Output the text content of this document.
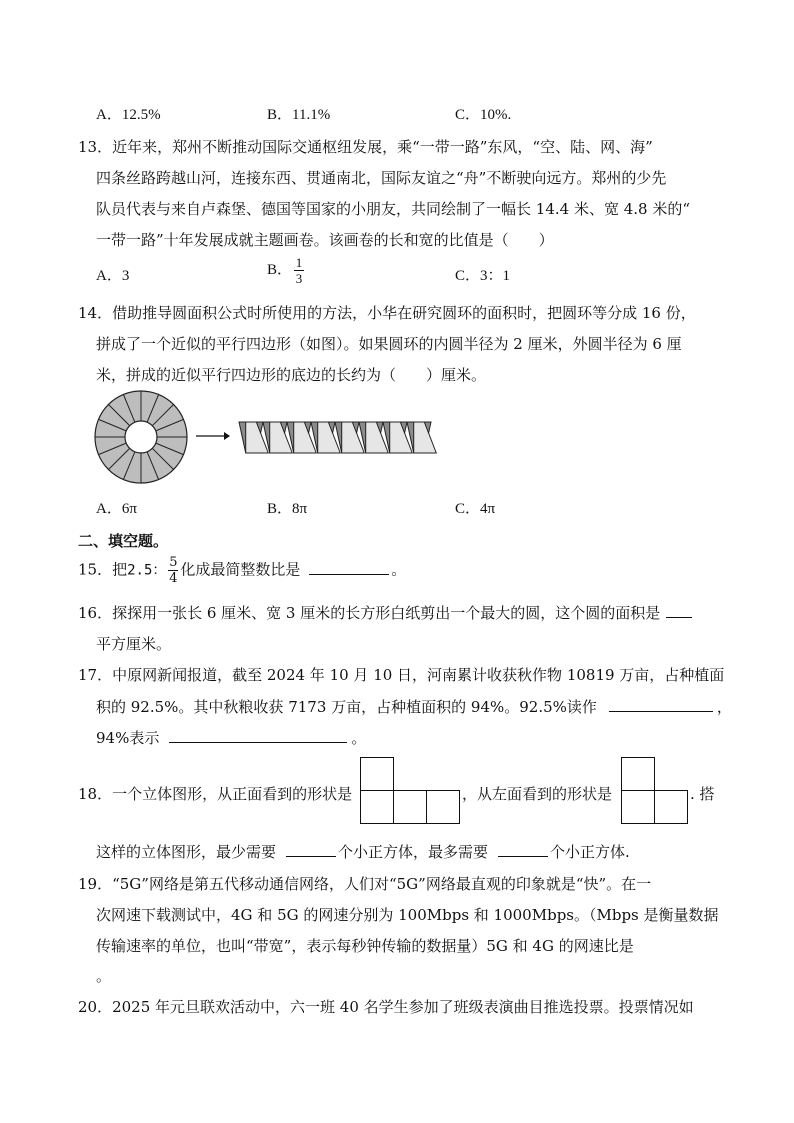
A．12.5%	B．11.1%	C．10%.
13．近年来，郑州不断推动国际交通枢纽发展，乘“一带一路”东风，“空、陆、网、海”
四条丝路跨越山河，连接东西、贯通南北，国际友谊之“舟”不断驶向远方。郑州的少先
队员代表与来自卢森堡、德国等国家的小朋友，共同绘制了一幅长 14.4 米、宽 4.8 米的“
一带一路”十年发展成就主题画卷。该画卷的长和宽的比值是（　　）
A．3	B． $\frac{1}{3}$	C．3：1
14．借助推导圆面积公式时所使用的方法，小华在研究圆环的面积时，把圆环等分成 16 份，
拼成了一个近似的平行四边形（如图）。如果圆环的内圆半径为 2 厘米，外圆半径为 6 厘
米，拼成的近似平行四边形的底边的长约为（　　）厘米。
A．6π	B．8π	C．4π
二、填空题。
15．把2.5： $\frac{5}{4}$ 化成最简整数比是	。
16．探探用一张长 6 厘米、宽 3 厘米的长方形白纸剪出一个最大的圆，这个圆的面积是
平方厘米。
17．中原网新闻报道，截至 2024 年 10 月 10 日，河南累计收获秋作物 10819 万亩，占种植面
积的 92.5%。其中秋粮收获 7173 万亩，占种植面积的 94%。92.5%读作	，
94%表示	。
18．一个立体图形，从正面看到的形状是	，从左面看到的形状是	. 搭
这样的立体图形，最少需要	个小正方体，最多需要	个小正方体.
19．“5G”网络是第五代移动通信网络，人们对“5G”网络最直观的印象就是“快”。在一
次网速下载测试中，4G 和 5G 的网速分别为 100Mbps 和 1000Mbps。（Mbps 是衡量数据
传输速率的单位，也叫“带宽”，表示每秒钟传输的数据量）5G 和 4G 的网速比是
。
20．2025 年元旦联欢活动中，六一班 40 名学生参加了班级表演曲目推选投票。投票情况如
